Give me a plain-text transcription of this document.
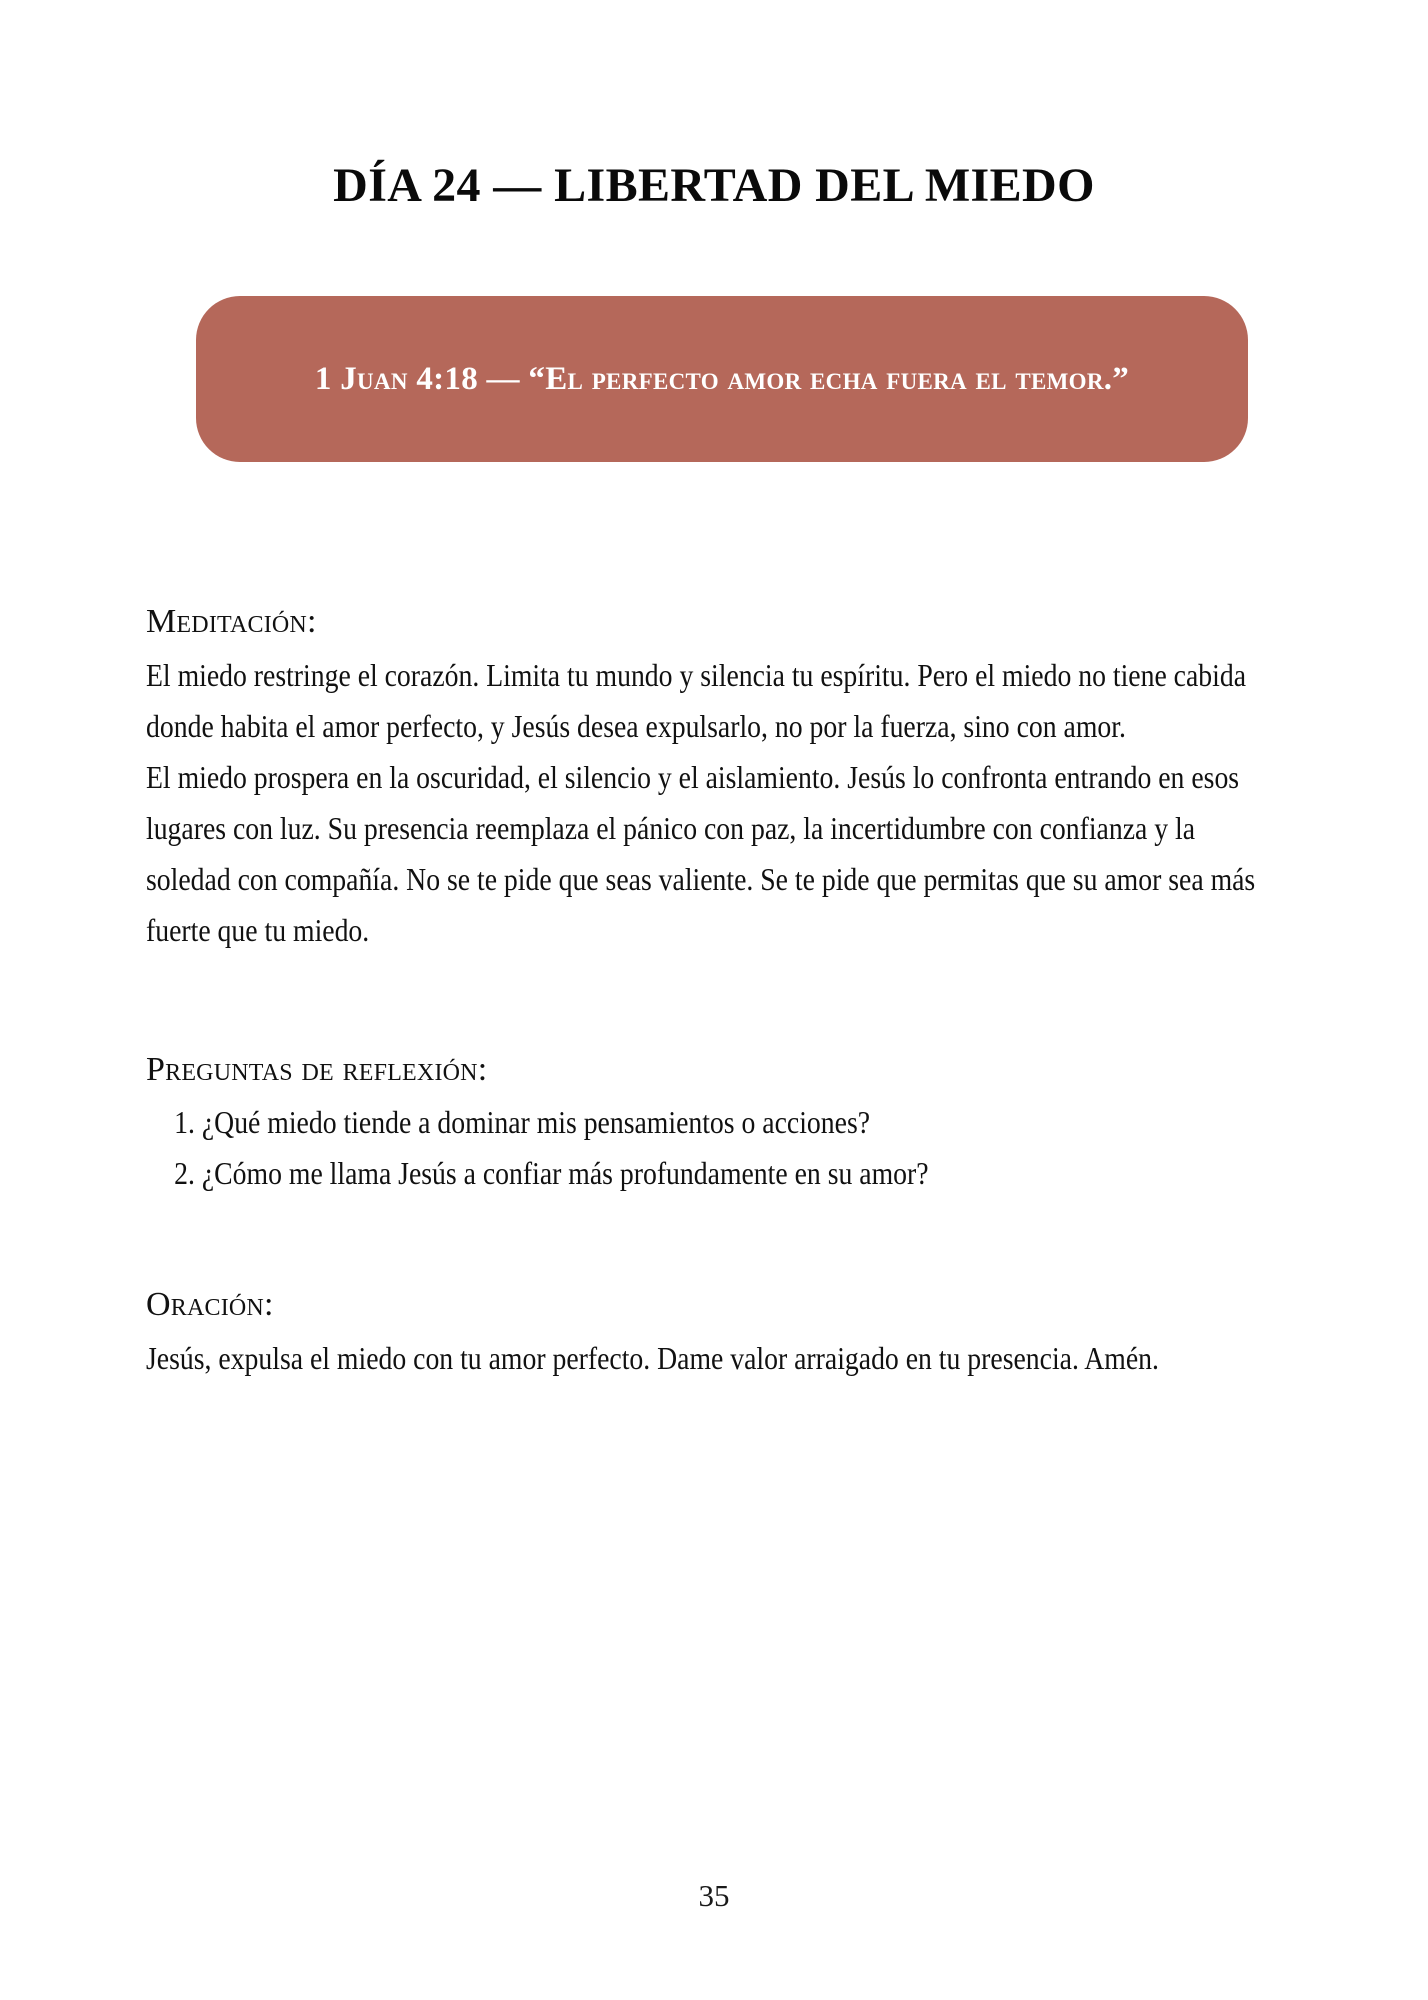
DÍA 24 — LIBERTAD DEL MIEDO
1 Juan 4:18 — “El perfecto amor echa fuera el temor.”
Meditación:

El miedo restringe el corazón. Limita tu mundo y silencia tu espíritu. Pero el miedo no tiene cabida donde habita el amor perfecto, y Jesús desea expulsarlo, no por la fuerza, sino con amor.

El miedo prospera en la oscuridad, el silencio y el aislamiento. Jesús lo confronta entrando en esos lugares con luz. Su presencia reemplaza el pánico con paz, la incertidumbre con confianza y la soledad con compañía. No se te pide que seas valiente. Se te pide que permitas que su amor sea más fuerte que tu miedo.

Preguntas de reflexión:
1. ¿Qué miedo tiende a dominar mis pensamientos o acciones?
2. ¿Cómo me llama Jesús a confiar más profundamente en su amor?
Oración:

Jesús, expulsa el miedo con tu amor perfecto. Dame valor arraigado en tu presencia. Amén.

35
